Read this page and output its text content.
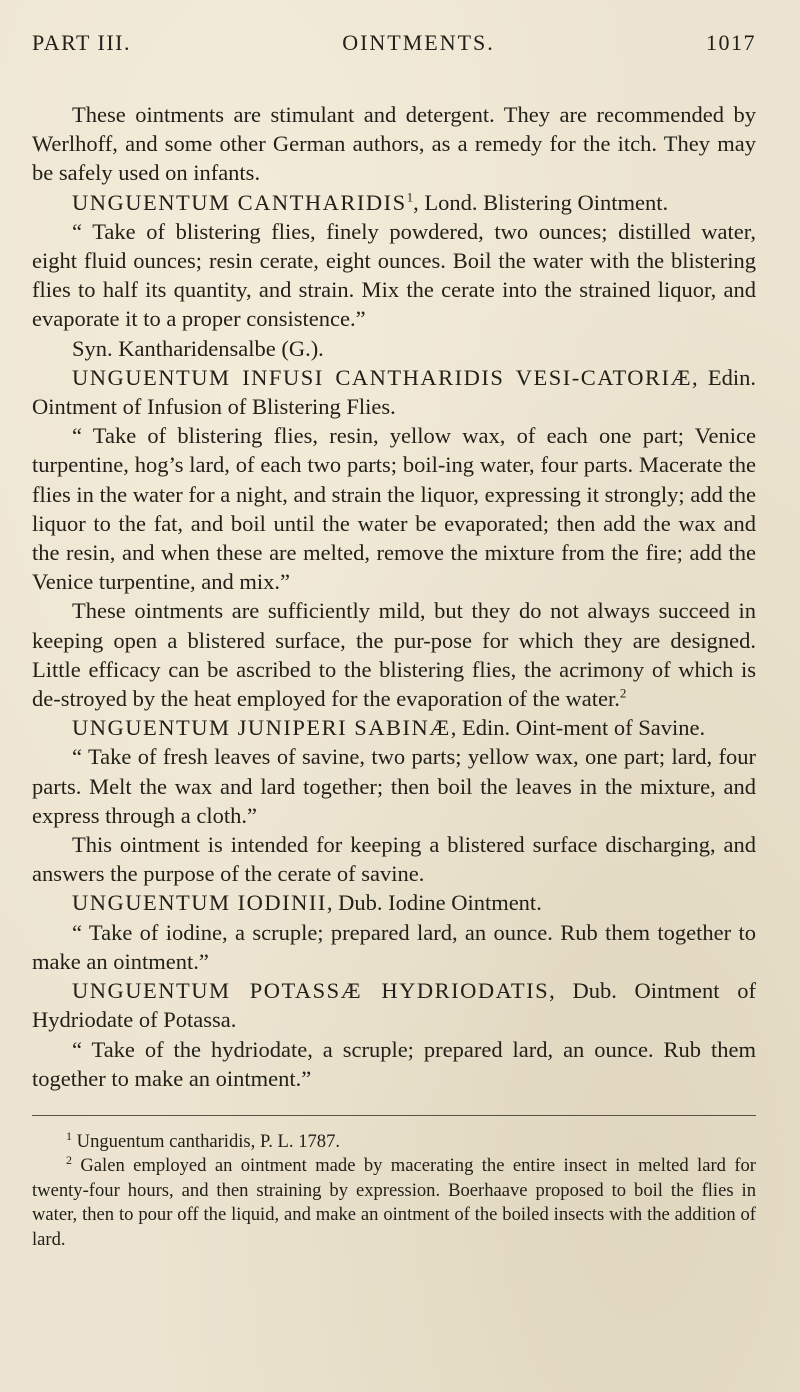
PART III.	OINTMENTS.	1017

These ointments are stimulant and detergent. They are recommended by Werlhoff, and some other German authors, as a remedy for the itch. They may be safely used on infants.

UNGUENTUM CANTHARIDIS$^1$, Lond. Blistering Ointment.

“ Take of blistering flies, finely powdered, two ounces; distilled water, eight fluid ounces; resin cerate, eight ounces. Boil the water with the blistering flies to half its quantity, and strain. Mix the cerate into the strained liquor, and evaporate it to a proper consistence.”

Syn. Kantharidensalbe (G.).

UNGUENTUM INFUSI CANTHARIDIS VESI-CATORIÆ, Edin. Ointment of Infusion of Blistering Flies.

“ Take of blistering flies, resin, yellow wax, of each one part; Venice turpentine, hog’s lard, of each two parts; boil-ing water, four parts. Macerate the flies in the water for a night, and strain the liquor, expressing it strongly; add the liquor to the fat, and boil until the water be evaporated; then add the wax and the resin, and when these are melted, remove the mixture from the fire; add the Venice turpentine, and mix.”

These ointments are sufficiently mild, but they do not always succeed in keeping open a blistered surface, the pur-pose for which they are designed. Little efficacy can be ascribed to the blistering flies, the acrimony of which is de-stroyed by the heat employed for the evaporation of the water.$^2$

UNGUENTUM JUNIPERI SABINÆ, Edin. Oint-ment of Savine.

“ Take of fresh leaves of savine, two parts; yellow wax, one part; lard, four parts. Melt the wax and lard together; then boil the leaves in the mixture, and express through a cloth.”

This ointment is intended for keeping a blistered surface discharging, and answers the purpose of the cerate of savine.

UNGUENTUM IODINII, Dub. Iodine Ointment.

“ Take of iodine, a scruple; prepared lard, an ounce. Rub them together to make an ointment.”

UNGUENTUM POTASSÆ HYDRIODATIS, Dub. Ointment of Hydriodate of Potassa.

“ Take of the hydriodate, a scruple; prepared lard, an ounce. Rub them together to make an ointment.”

$^1$ Unguentum cantharidis, P. L. 1787.

$^2$ Galen employed an ointment made by macerating the entire insect in melted lard for twenty-four hours, and then straining by expression. Boerhaave proposed to boil the flies in water, then to pour off the liquid, and make an ointment of the boiled insects with the addition of lard.
